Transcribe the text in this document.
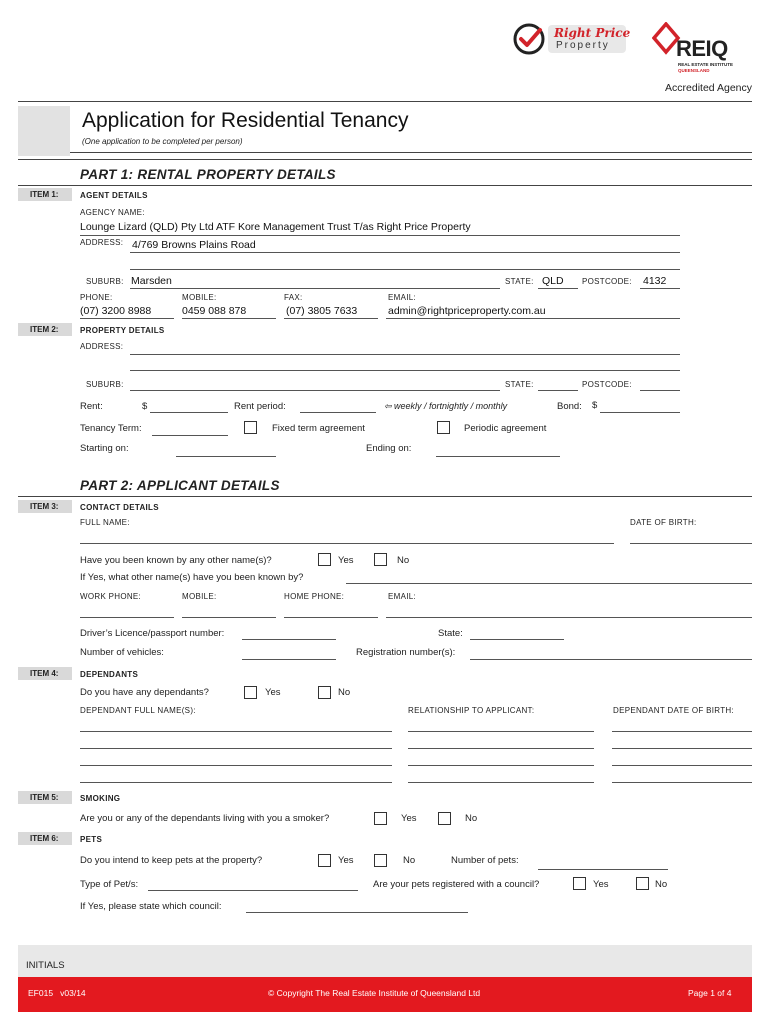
Right Price
Property	REIQ
REAL ESTATE INSTITUTE
QUEENSLAND
Accredited Agency
Application for Residential Tenancy
(One application to be completed per person)
PART 1: RENTAL PROPERTY DETAILS
ITEM 1:	AGENT DETAILS
AGENCY NAME:
Lounge Lizard (QLD) Pty Ltd ATF Kore Management Trust T/as Right Price Property
ADDRESS: 4/769 Browns Plains Road
SUBURB: Marsden	STATE: QLD POSTCODE: 4132
PHONE:	MOBILE:	FAX:	EMAIL:
(07) 3200 8988	0459 088 878	(07) 3805 7633	admin@rightpriceproperty.com.au
ITEM 2:	PROPERTY DETAILS
ADDRESS:
SUBURB:	STATE:	POSTCODE:
Rent:	$	Rent period:	⇦ weekly / fortnightly / monthly	Bond: $
Tenancy Term:	Fixed term agreement	Periodic agreement
Starting on:	Ending on:
PART 2: APPLICANT DETAILS
ITEM 3:	CONTACT DETAILS
FULL NAME:	DATE OF BIRTH:
Have you been known by any other name(s)?	Yes	No
If Yes, what other name(s) have you been known by?
WORK PHONE:	MOBILE:	HOME PHONE:	EMAIL:
Driver’s Licence/passport number:	State:
Number of vehicles:	Registration number(s):
ITEM 4:	DEPENDANTS
Do you have any dependants?	Yes	No
DEPENDANT FULL NAME(S):	RELATIONSHIP TO APPLICANT:	DEPENDANT DATE OF BIRTH:
ITEM 5:	SMOKING
Are you or any of the dependants living with you a smoker?	Yes	No
ITEM 6:	PETS
Do you intend to keep pets at the property?	Yes	No	Number of pets:
Type of Pet/s:	Are your pets registered with a council?	Yes	No
If Yes, please state which council:
INITIALS
EF015   v03/14	© Copyright The Real Estate Institute of Queensland Ltd	Page 1 of 4
